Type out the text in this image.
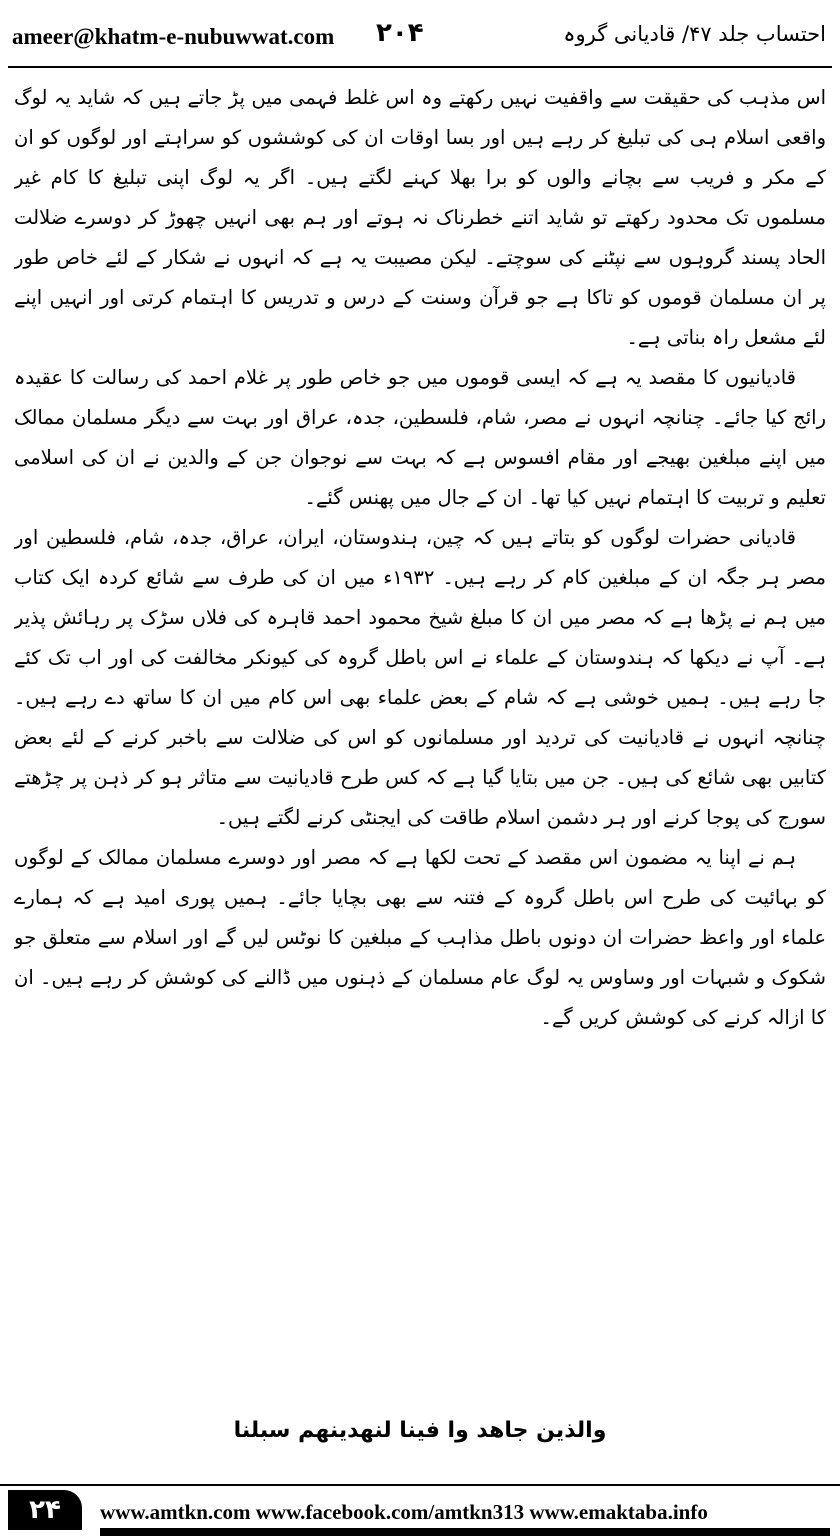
ameer@khatm-e-nubuwwat.com ۲۰۴	احتساب جلد ۴۷/ قادیانی گروہ

اس مذہب کی حقیقت سے واقفیت نہیں رکھتے وہ اس غلط فہمی میں پڑ جاتے ہیں کہ شاید یہ لوگ واقعی اسلام ہی کی تبلیغ کر رہے ہیں اور بسا اوقات ان کی کوششوں کو سراہتے اور لوگوں کو ان کے مکر و فریب سے بچانے والوں کو برا بھلا کہنے لگتے ہیں۔ اگر یہ لوگ اپنی تبلیغ کا کام غیر مسلموں تک محدود رکھتے تو شاید اتنے خطرناک نہ ہوتے اور ہم بھی انہیں چھوڑ کر دوسرے ضلالت الحاد پسند گروہوں سے نپٹنے کی سوچتے۔ لیکن مصیبت یہ ہے کہ انہوں نے شکار کے لئے خاص طور پر ان مسلمان قوموں کو تاکا ہے جو قرآن وسنت کے درس و تدریس کا اہتمام کرتی اور انہیں اپنے لئے مشعل راہ بناتی ہے۔

قادیانیوں کا مقصد یہ ہے کہ ایسی قوموں میں جو خاص طور پر غلام احمد کی رسالت کا عقیدہ رائج کیا جائے۔ چنانچہ انہوں نے مصر، شام، فلسطین، جدہ، عراق اور بہت سے دیگر مسلمان ممالک میں اپنے مبلغین بھیجے اور مقام افسوس ہے کہ بہت سے نوجوان جن کے والدین نے ان کی اسلامی تعلیم و تربیت کا اہتمام نہیں کیا تھا۔ ان کے جال میں پھنس گئے۔

قادیانی حضرات لوگوں کو بتاتے ہیں کہ چین، ہندوستان، ایران، عراق، جدہ، شام، فلسطین اور مصر ہر جگہ ان کے مبلغین کام کر رہے ہیں۔ ۱۹۳۲ء میں ان کی طرف سے شائع کردہ ایک کتاب میں ہم نے پڑھا ہے کہ مصر میں ان کا مبلغ شیخ محمود احمد قاہرہ کی فلاں سڑک پر رہائش پذیر ہے۔ آپ نے دیکھا کہ ہندوستان کے علماء نے اس باطل گروہ کی کیونکر مخالفت کی اور اب تک کئے جا رہے ہیں۔ ہمیں خوشی ہے کہ شام کے بعض علماء بھی اس کام میں ان کا ساتھ دے رہے ہیں۔ چنانچہ انہوں نے قادیانیت کی تردید اور مسلمانوں کو اس کی ضلالت سے باخبر کرنے کے لئے بعض کتابیں بھی شائع کی ہیں۔ جن میں بتایا گیا ہے کہ کس طرح قادیانیت سے متاثر ہو کر ذہن پر چڑھتے سورج کی پوجا کرنے اور ہر دشمن اسلام طاقت کی ایجنٹی کرنے لگتے ہیں۔

ہم نے اپنا یہ مضمون اس مقصد کے تحت لکھا ہے کہ مصر اور دوسرے مسلمان ممالک کے لوگوں کو بہائیت کی طرح اس باطل گروہ کے فتنہ سے بھی بچایا جائے۔ ہمیں پوری امید ہے کہ ہمارے علماء اور واعظ حضرات ان دونوں باطل مذاہب کے مبلغین کا نوٹس لیں گے اور اسلام سے متعلق جو شکوک و شبہات اور وساوس یہ لوگ عام مسلمان کے ذہنوں میں ڈالنے کی کوشش کر رہے ہیں۔ ان کا ازالہ کرنے کی کوشش کریں گے۔

والذین جاهد وا فینا لنهدینهم سبلنا
۲۴	www.amtkn.com www.facebook.com/amtkn313 www.emaktaba.info
